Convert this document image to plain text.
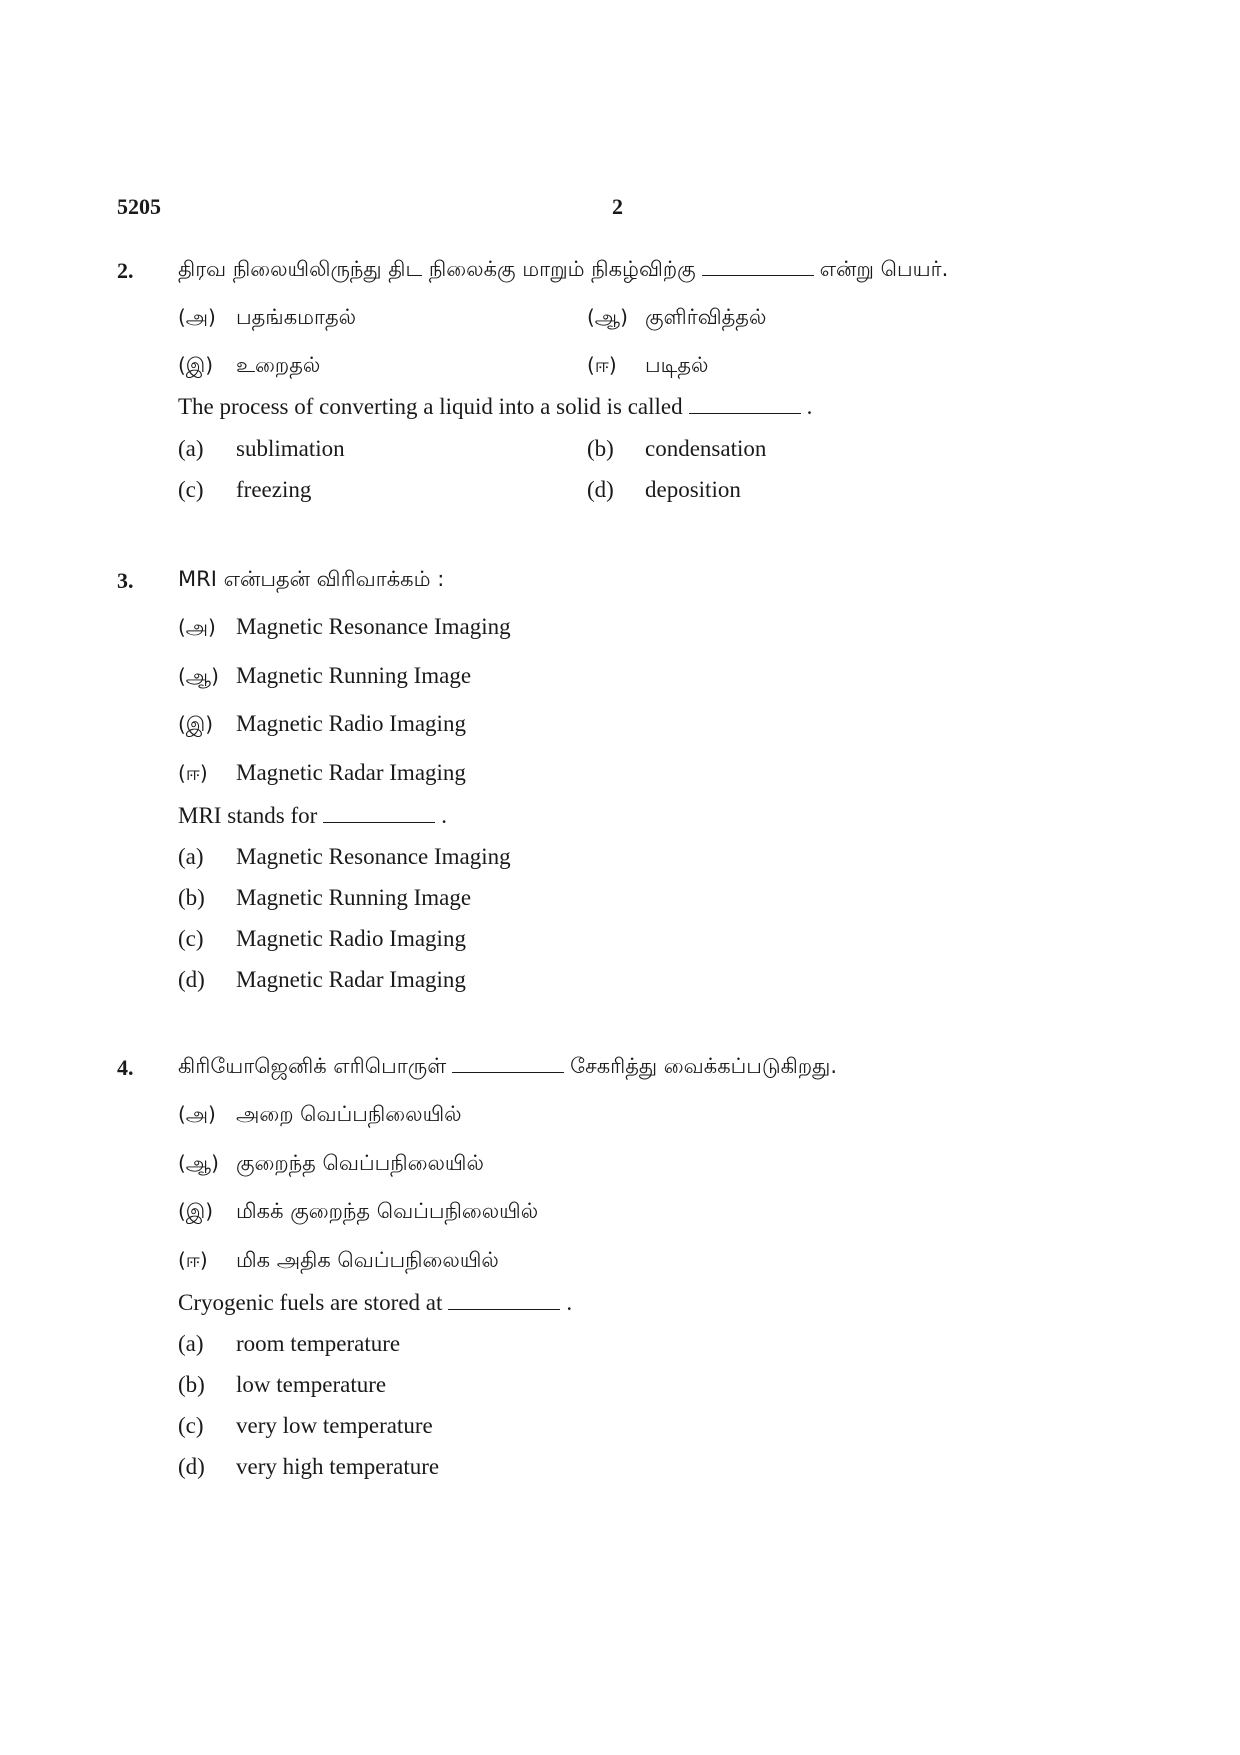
5205	2
2. திரவ நிலையிலிருந்து திட நிலைக்கு மாறும் நிகழ்விற்கு	என்று பெயர்.
(அ) பதங்கமாதல்	(ஆ) குளிர்வித்தல்
(இ) உறைதல்	(ஈ) படிதல்
The process of converting a liquid into a solid is called	.
(a) sublimation	(b) condensation
(c) freezing	(d) deposition
3. MRI என்பதன் விரிவாக்கம் :
(அ) Magnetic Resonance Imaging
(ஆ) Magnetic Running Image
(இ) Magnetic Radio Imaging
(ஈ) Magnetic Radar Imaging
MRI stands for	.
(a) Magnetic Resonance Imaging
(b) Magnetic Running Image
(c) Magnetic Radio Imaging
(d) Magnetic Radar Imaging
4. கிரியோஜெனிக் எரிபொருள்	சேகரித்து வைக்கப்படுகிறது.
(அ) அறை வெப்பநிலையில்
(ஆ) குறைந்த வெப்பநிலையில்
(இ) மிகக் குறைந்த வெப்பநிலையில்
(ஈ) மிக அதிக வெப்பநிலையில்
Cryogenic fuels are stored at	.
(a) room temperature
(b) low temperature
(c) very low temperature
(d) very high temperature
